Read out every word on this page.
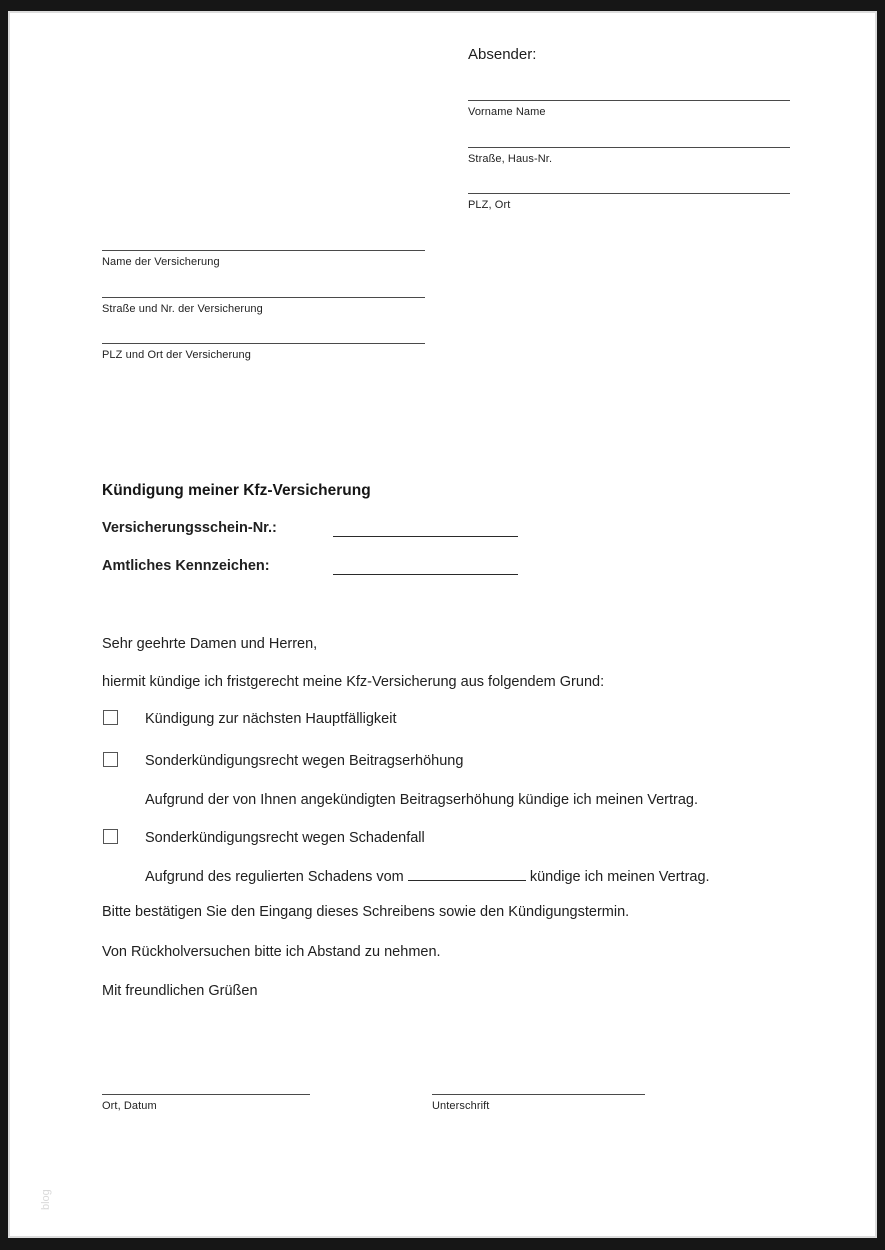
Absender:
Vorname Name
Straße, Haus-Nr.
PLZ, Ort
Name der Versicherung
Straße und Nr. der Versicherung
PLZ und Ort der Versicherung
Kündigung meiner Kfz-Versicherung
Versicherungsschein-Nr.:
Amtliches Kennzeichen:
Sehr geehrte Damen und Herren,
hiermit kündige ich fristgerecht meine Kfz-Versicherung aus folgendem Grund:
Kündigung zur nächsten Hauptfälligkeit
Sonderkündigungsrecht wegen Beitragserhöhung
Aufgrund der von Ihnen angekündigten Beitragserhöhung kündige ich meinen Vertrag.
Sonderkündigungsrecht wegen Schadenfall
Aufgrund des regulierten Schadens vom	kündige ich meinen Vertrag.
Bitte bestätigen Sie den Eingang dieses Schreibens sowie den Kündigungstermin.
Von Rückholversuchen bitte ich Abstand zu nehmen.
Mit freundlichen Grüßen
Ort, Datum	Unterschrift
blog
